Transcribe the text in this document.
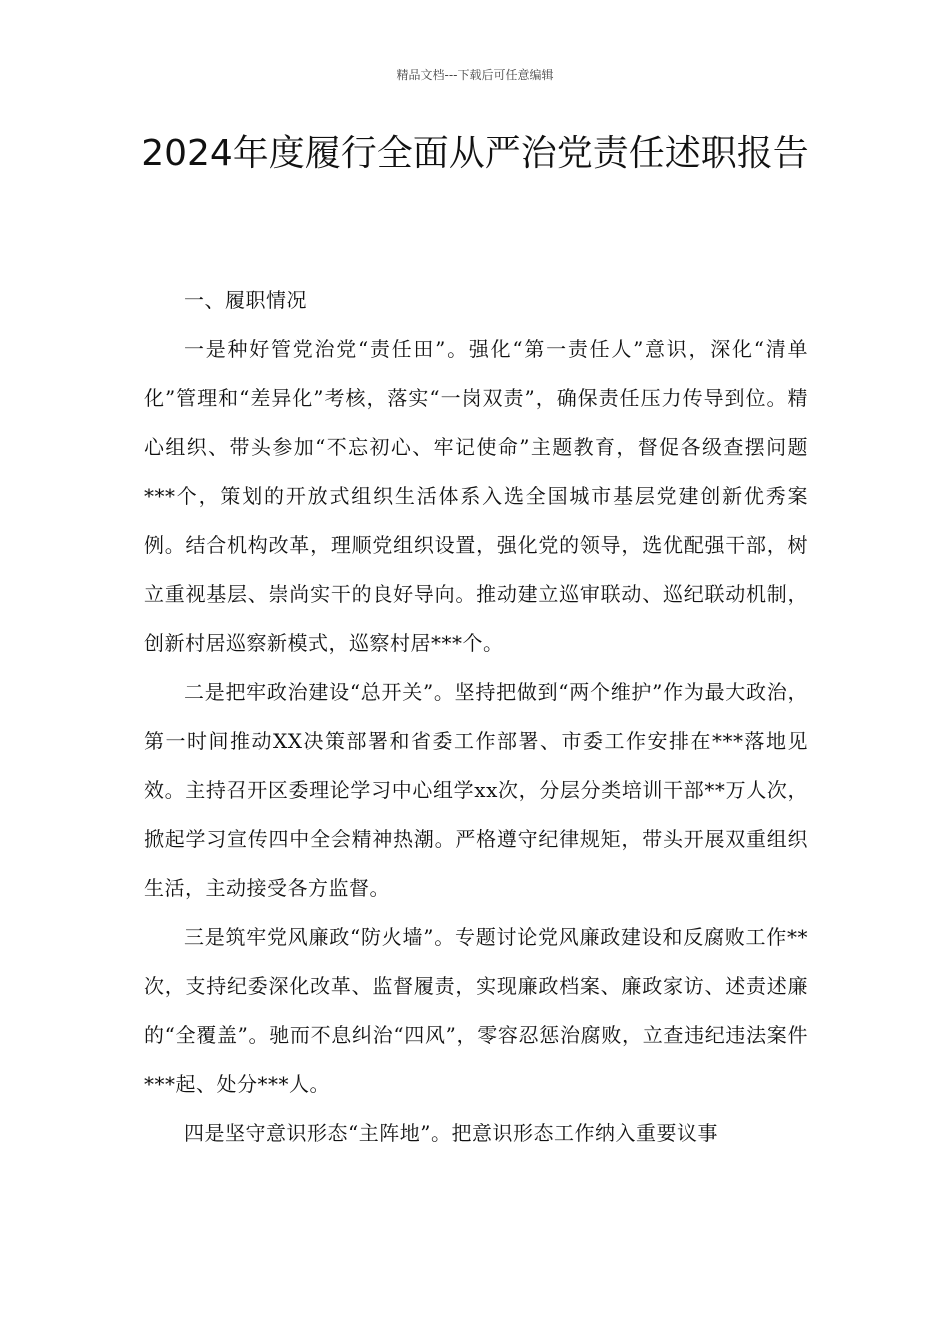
精品文档---下载后可任意编辑
2024年度履行全面从严治党责任述职报告

一、履职情况

一是种好管党治党“责任田”。强化“第一责任人”意识，深化“清单化”管理和“差异化”考核，落实“一岗双责”，确保责任压力传导到位。精心组织、带头参加“不忘初心、牢记使命”主题教育，督促各级查摆问题***个，策划的开放式组织生活体系入选全国城市基层党建创新优秀案例。结合机构改革，理顺党组织设置，强化党的领导，选优配强干部，树立重视基层、崇尚实干的良好导向。推动建立巡审联动、巡纪联动机制，创新村居巡察新模式，巡察村居***个。

二是把牢政治建设“总开关”。坚持把做到“两个维护”作为最大政治，第一时间推动XX决策部署和省委工作部署、市委工作安排在***落地见效。主持召开区委理论学习中心组学xx次，分层分类培训干部**万人次，掀起学习宣传四中全会精神热潮。严格遵守纪律规矩，带头开展双重组织生活，主动接受各方监督。

三是筑牢党风廉政“防火墙”。专题讨论党风廉政建设和反腐败工作**次，支持纪委深化改革、监督履责，实现廉政档案、廉政家访、述责述廉的“全覆盖”。驰而不息纠治“四风”，零容忍惩治腐败，立查违纪违法案件***起、处分***人。

四是坚守意识形态“主阵地”。把意识形态工作纳入重要议事
